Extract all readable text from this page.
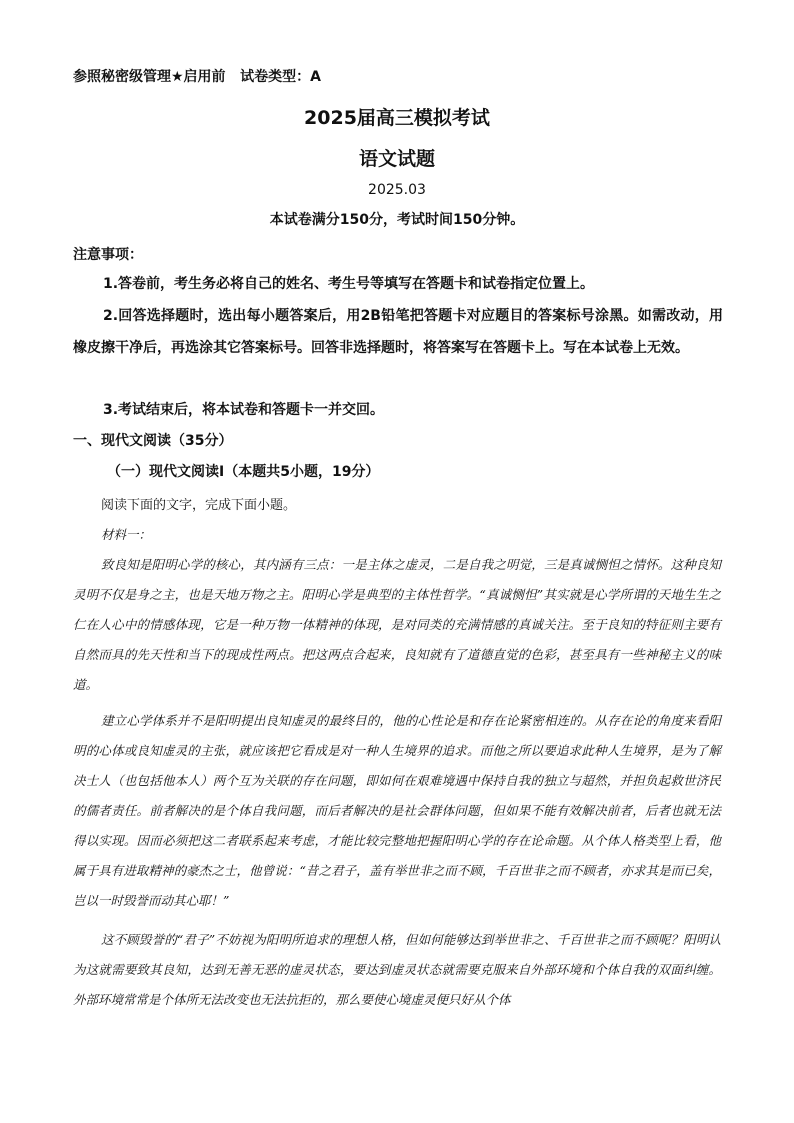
参照秘密级管理★启用前   试卷类型：A
2025届高三模拟考试
语文试题
2025.03
本试卷满分150分，考试时间150分钟。
注意事项：

1.答卷前，考生务必将自己的姓名、考生号等填写在答题卡和试卷指定位置上。

2.回答选择题时，选出每小题答案后，用2B铅笔把答题卡对应题目的答案标号涂黑。如需改动，用橡皮擦干净后，再选涂其它答案标号。回答非选择题时，将答案写在答题卡上。写在本试卷上无效。

3.考试结束后，将本试卷和答题卡一并交回。

一、现代文阅读（35分）
（一）现代文阅读Ⅰ（本题共5小题，19分）
阅读下面的文字，完成下面小题。
材料一：

致良知是阳明心学的核心，其内涵有三点：一是主体之虚灵，二是自我之明觉，三是真诚恻怛之情怀。这种良知灵明不仅是身之主，也是天地万物之主。阳明心学是典型的主体性哲学。“真诚恻怛”其实就是心学所谓的天地生生之仁在人心中的情感体现，它是一种万物一体精神的体现，是对同类的充满情感的真诚关注。至于良知的特征则主要有自然而具的先天性和当下的现成性两点。把这两点合起来，良知就有了道德直觉的色彩，甚至具有一些神秘主义的味道。

建立心学体系并不是阳明提出良知虚灵的最终目的，他的心性论是和存在论紧密相连的。从存在论的角度来看阳明的心体或良知虚灵的主张，就应该把它看成是对一种人生境界的追求。而他之所以要追求此种人生境界，是为了解决士人（也包括他本人）两个互为关联的存在问题，即如何在艰难境遇中保持自我的独立与超然，并担负起救世济民的儒者责任。前者解决的是个体自我问题，而后者解决的是社会群体问题，但如果不能有效解决前者，后者也就无法得以实现。因而必须把这二者联系起来考虑，才能比较完整地把握阳明心学的存在论命题。从个体人格类型上看，他属于具有进取精神的豪杰之士，他曾说：“昔之君子，盖有举世非之而不顾，千百世非之而不顾者，亦求其是而已矣，岂以一时毁誉而动其心耶！”

这不顾毁誉的“君子”不妨视为阳明所追求的理想人格，但如何能够达到举世非之、千百世非之而不顾呢？阳明认为这就需要致其良知，达到无善无恶的虚灵状态，要达到虚灵状态就需要克服来自外部环境和个体自我的双面纠缠。外部环境常常是个体所无法改变也无法抗拒的，那么要使心境虚灵便只好从个体
